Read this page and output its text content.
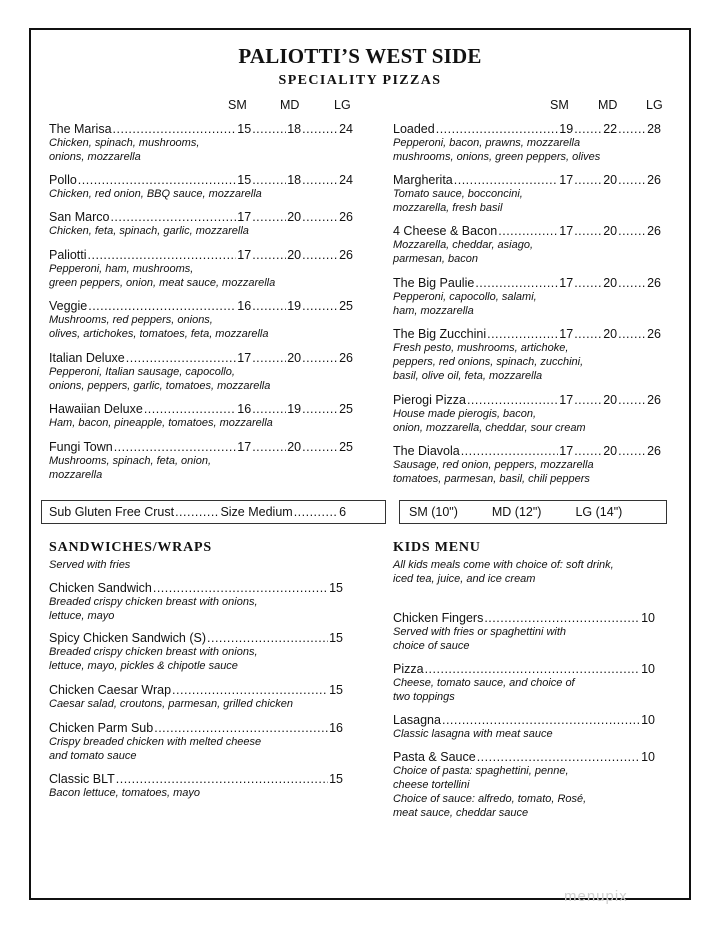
PALIOTTI’S WEST SIDE
SPECIALITY PIZZAS
SM	MD	LG	SM MD LG
The Marisa .....	15 .....	18 .....	24
Chicken, spinach, mushrooms,
onions, mozzarella
Pollo .....	15 .....	18 .....	24
Chicken, red onion, BBQ sauce, mozzarella
San Marco .....	17 .....	20 .....	26
Chicken, feta, spinach, garlic, mozzarella
Paliotti .....	17 .....	20 .....	26
Pepperoni, ham, mushrooms,
green peppers, onion, meat sauce, mozzarella
Veggie .....	16 .....	19 .....	25
Mushrooms, red peppers, onions,
olives, artichokes, tomatoes, feta, mozzarella
Italian Deluxe .....	17 .....	20 .....	26
Pepperoni, Italian sausage, capocollo,
onions, peppers, garlic, tomatoes, mozzarella
Hawaiian Deluxe .....	16 .....	19 .....	25
Ham, bacon, pineapple, tomatoes, mozzarella
Fungi Town .....	17 .....	20 .....	25
Mushrooms, spinach, feta, onion,
mozzarella
Loaded .....	19 ..... 22 ..... 28
Pepperoni, bacon, prawns, mozzarella
mushrooms, onions, green peppers, olives
Margherita .....	17 ..... 20 ..... 26
Tomato sauce, bocconcini,
mozzarella, fresh basil
4 Cheese & Bacon .....	17 ..... 20 ..... 26
Mozzarella, cheddar, asiago,
parmesan, bacon
The Big Paulie .....	17 ..... 20 ..... 26
Pepperoni, capocollo, salami,
ham, mozzarella
The Big Zucchini .....	17 ..... 20 ..... 26
Fresh pesto, mushrooms, artichoke,
peppers, red onions, spinach, zucchini,
basil, olive oil, feta, mozzarella
Pierogi Pizza .....	17 ..... 20 ..... 26
House made pierogis, bacon,
onion, mozzarella, cheddar, sour cream
The Diavola .....	17 ..... 20 ..... 26
Sausage, red onion, peppers, mozzarella
tomatoes, parmesan, basil, chili peppers
Sub Gluten Free Crust .....	Size Medium .....	6	SM (10")	MD (12")	LG (14")
SANDWICHES/WRAPS
Served with fries
Chicken Sandwich .....	15
Breaded crispy chicken breast with onions,
lettuce, mayo
Spicy Chicken Sandwich (S) .....	15
Breaded crispy chicken breast with onions,
lettuce, mayo, pickles & chipotle sauce
Chicken Caesar Wrap .....	15
Caesar salad, croutons, parmesan, grilled chicken
Chicken Parm Sub .....	16
Crispy breaded chicken with melted cheese
and tomato sauce
Classic BLT .....	15
Bacon lettuce, tomatoes, mayo
KIDS MENU
All kids meals come with choice of: soft drink,
iced tea, juice, and ice cream
Chicken Fingers .....	10
Served with fries or spaghettini with
choice of sauce
Pizza .....	10
Cheese, tomato sauce, and choice of
two toppings
Lasagna .....	10
Classic lasagna with meat sauce
Pasta & Sauce .....	10
Choice of pasta: spaghettini, penne,
cheese tortellini
Choice of sauce: alfredo, tomato, Rosé,
meat sauce, cheddar sauce
menupix
